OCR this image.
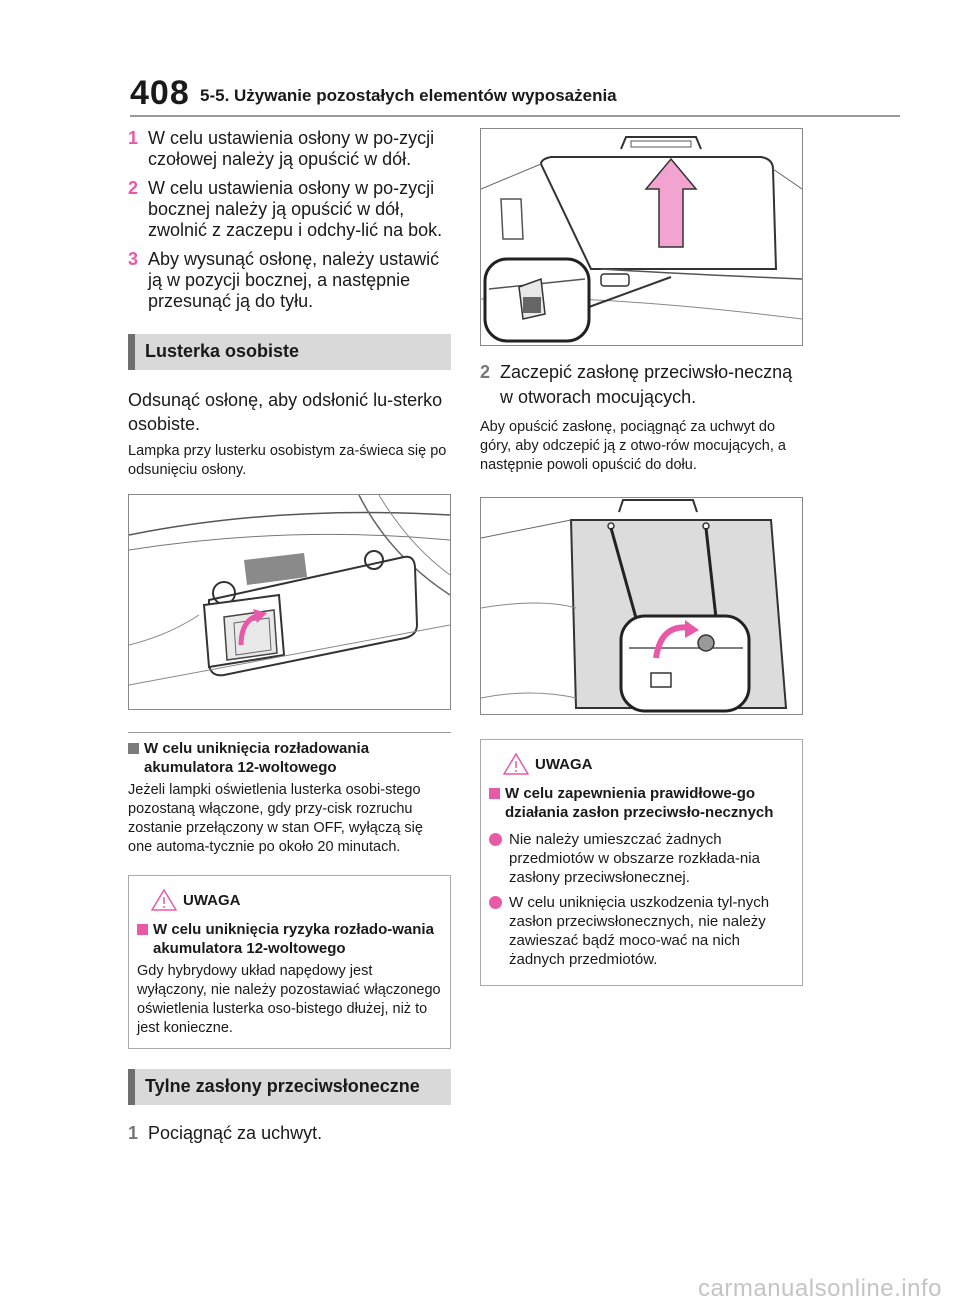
408 5-5. Używanie pozostałych elementów wyposażenia
1 W celu ustawienia osłony w po-zycji czołowej należy ją opuścić w dół.
2 W celu ustawienia osłony w po-zycji bocznej należy ją opuścić w dół, zwolnić z zaczepu i odchy-lić na bok.
3 Aby wysunąć osłonę, należy ustawić ją w pozycji bocznej, a następnie przesunąć ją do tyłu.
Lusterka osobiste
Odsunąć osłonę, aby odsłonić lu-sterko osobiste.
Lampka przy lusterku osobistym za-świeca się po odsunięciu osłony.
W celu uniknięcia rozładowania akumulatora 12-woltowego
Jeżeli lampki oświetlenia lusterka osobi-stego pozostaną włączone, gdy przy-cisk rozruchu zostanie przełączony w stan OFF, wyłączą się one automa-tycznie po około 20 minutach.
UWAGA
W celu uniknięcia ryzyka rozłado-wania akumulatora 12-woltowego
Gdy hybrydowy układ napędowy jest wyłączony, nie należy pozostawiać włączonego oświetlenia lusterka oso-bistego dłużej, niż to jest konieczne.
Tylne zasłony przeciwsłoneczne
1 Pociągnąć za uchwyt.
2 Zaczepić zasłonę przeciwsło-neczną w otworach mocujących.
Aby opuścić zasłonę, pociągnąć za uchwyt do góry, aby odczepić ją z otwo-rów mocujących, a następnie powoli opuścić do dołu.
UWAGA
W celu zapewnienia prawidłowe-go działania zasłon przeciwsło-necznych
Nie należy umieszczać żadnych przedmiotów w obszarze rozkłada-nia zasłony przeciwsłonecznej.
W celu uniknięcia uszkodzenia tyl-nych zasłon przeciwsłonecznych, nie należy zawieszać bądź moco-wać na nich żadnych przedmiotów.
carmanualsonline.info
